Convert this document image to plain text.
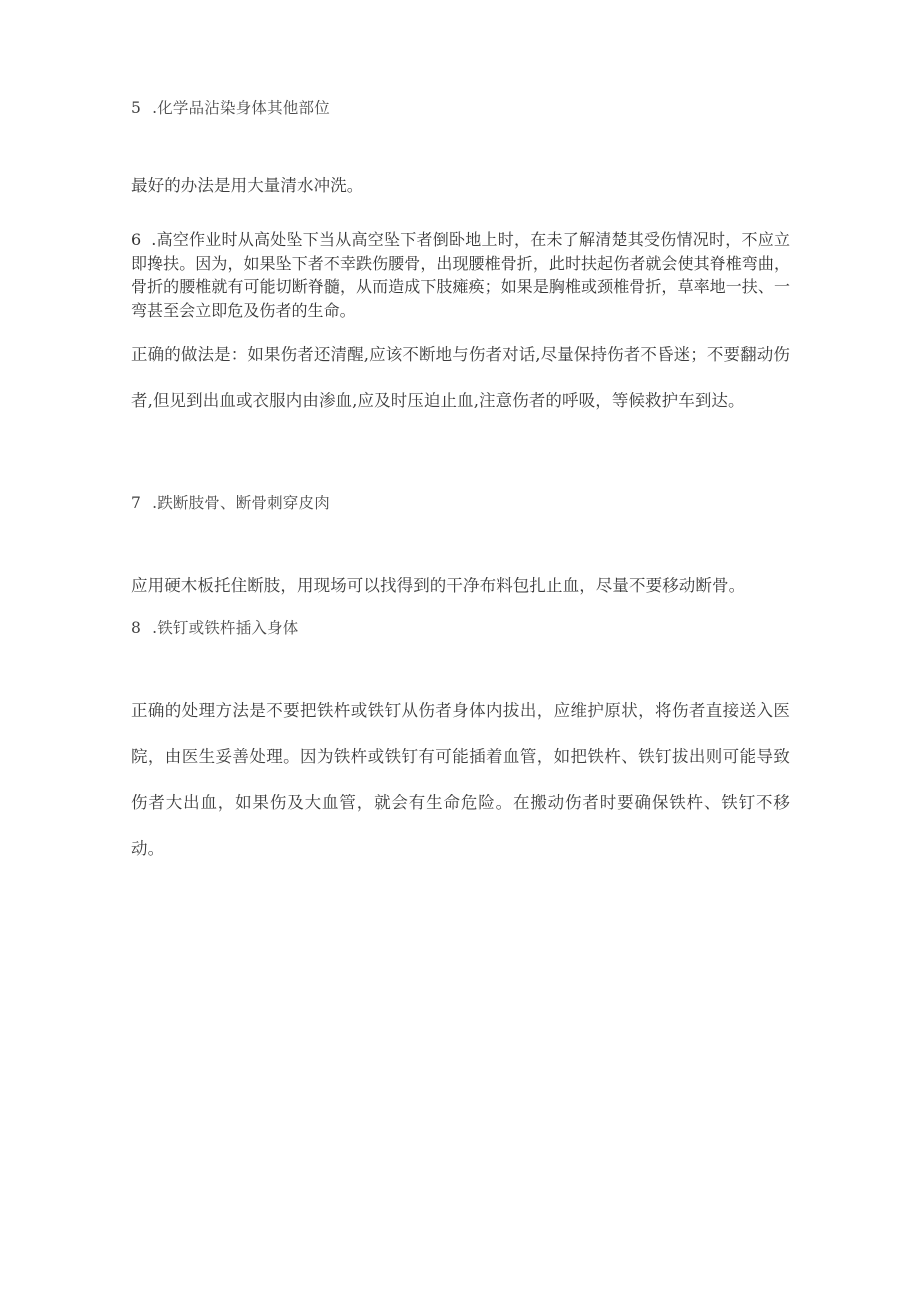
5 .化学品沾染身体其他部位
最好的办法是用大量清水冲洗。
6 .高空作业时从高处坠下当从高空坠下者倒卧地上时，在未了解清楚其受伤情况时，不应立即搀扶。因为，如果坠下者不幸跌伤腰骨，出现腰椎骨折，此时扶起伤者就会使其脊椎弯曲，骨折的腰椎就有可能切断脊髓，从而造成下肢瘫痪；如果是胸椎或颈椎骨折，草率地一扶、一弯甚至会立即危及伤者的生命。
正确的做法是：如果伤者还清醒,应该不断地与伤者对话,尽量保持伤者不昏迷；不要翻动伤者,但见到出血或衣服内由渗血,应及时压迫止血,注意伤者的呼吸，等候救护车到达。
7 .跌断肢骨、断骨刺穿皮肉
应用硬木板托住断肢，用现场可以找得到的干净布料包扎止血，尽量不要移动断骨。
8 .铁钉或铁杵插入身体
正确的处理方法是不要把铁杵或铁钉从伤者身体内拔出，应维护原状，将伤者直接送入医院，由医生妥善处理。因为铁杵或铁钉有可能插着血管，如把铁杵、铁钉拔出则可能导致伤者大出血，如果伤及大血管，就会有生命危险。在搬动伤者时要确保铁杵、铁钉不移动。
